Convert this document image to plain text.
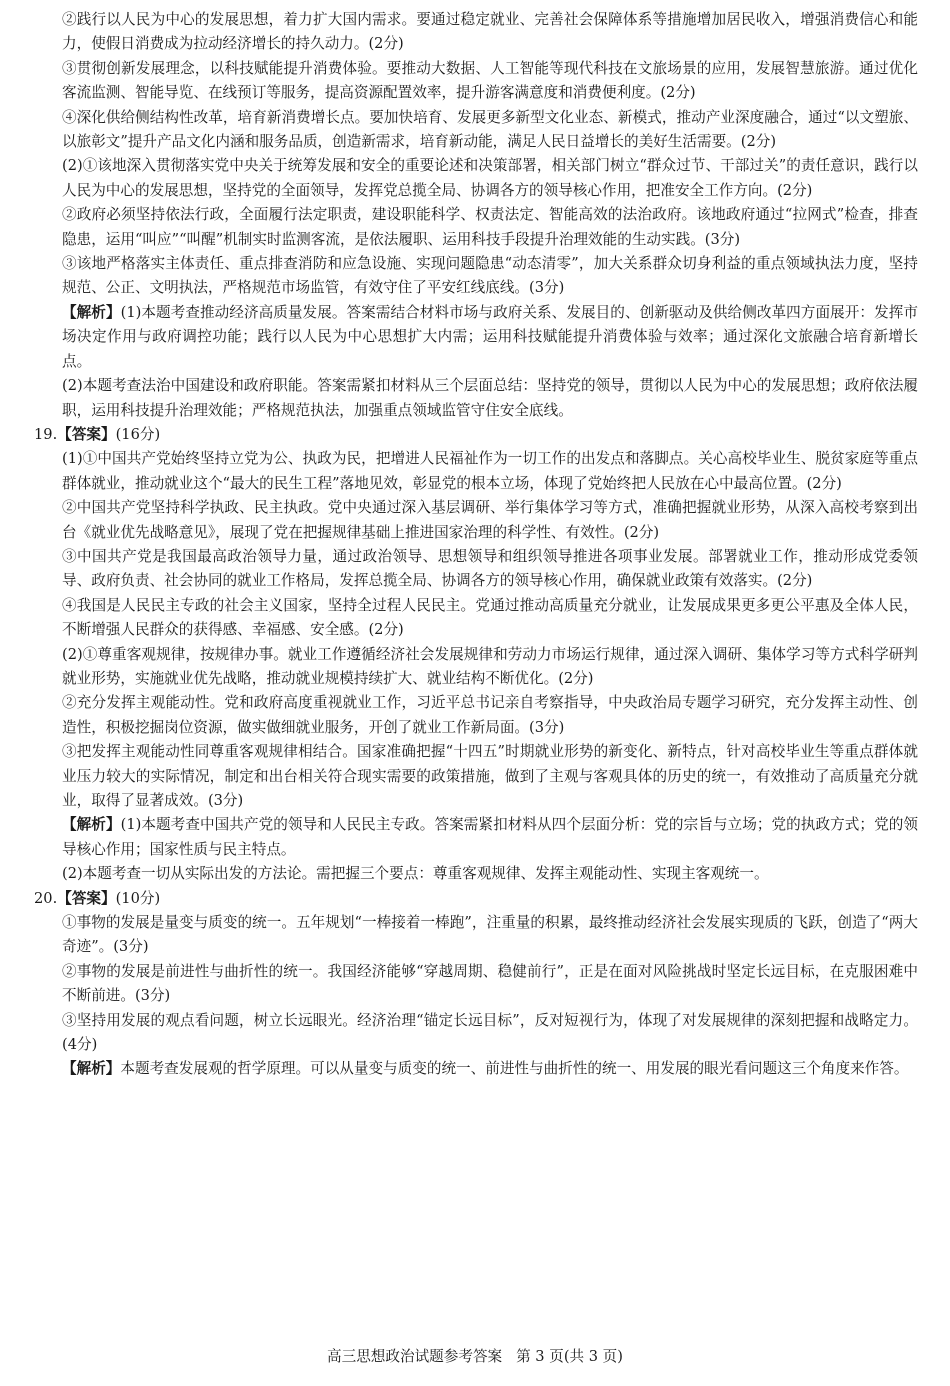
②践行以人民为中心的发展思想，着力扩大国内需求。要通过稳定就业、完善社会保障体系等措施增加居民收入，增强消费信心和能力，使假日消费成为拉动经济增长的持久动力。(2分)

③贯彻创新发展理念，以科技赋能提升消费体验。要推动大数据、人工智能等现代科技在文旅场景的应用，发展智慧旅游。通过优化客流监测、智能导览、在线预订等服务，提高资源配置效率，提升游客满意度和消费便利度。(2分)

④深化供给侧结构性改革，培育新消费增长点。要加快培育、发展更多新型文化业态、新模式，推动产业深度融合，通过“以文塑旅、以旅彰文”提升产品文化内涵和服务品质，创造新需求，培育新动能，满足人民日益增长的美好生活需要。(2分)

(2)①该地深入贯彻落实党中央关于统筹发展和安全的重要论述和决策部署，相关部门树立“群众过节、干部过关”的责任意识，践行以人民为中心的发展思想，坚持党的全面领导，发挥党总揽全局、协调各方的领导核心作用，把准安全工作方向。(2分)

②政府必须坚持依法行政，全面履行法定职责，建设职能科学、权责法定、智能高效的法治政府。该地政府通过“拉网式”检查，排查隐患，运用“叫应”“叫醒”机制实时监测客流，是依法履职、运用科技手段提升治理效能的生动实践。(3分)

③该地严格落实主体责任、重点排查消防和应急设施、实现问题隐患“动态清零”，加大关系群众切身利益的重点领域执法力度，坚持规范、公正、文明执法，严格规范市场监管，有效守住了平安红线底线。(3分)

【解析】(1)本题考查推动经济高质量发展。答案需结合材料市场与政府关系、发展目的、创新驱动及供给侧改革四方面展开：发挥市场决定作用与政府调控功能；践行以人民为中心思想扩大内需；运用科技赋能提升消费体验与效率；通过深化文旅融合培育新增长点。

(2)本题考查法治中国建设和政府职能。答案需紧扣材料从三个层面总结：坚持党的领导，贯彻以人民为中心的发展思想；政府依法履职，运用科技提升治理效能；严格规范执法，加强重点领域监管守住安全底线。

19.【答案】(16分)

(1)①中国共产党始终坚持立党为公、执政为民，把增进人民福祉作为一切工作的出发点和落脚点。关心高校毕业生、脱贫家庭等重点群体就业，推动就业这个“最大的民生工程”落地见效，彰显党的根本立场，体现了党始终把人民放在心中最高位置。(2分)

②中国共产党坚持科学执政、民主执政。党中央通过深入基层调研、举行集体学习等方式，准确把握就业形势，从深入高校考察到出台《就业优先战略意见》，展现了党在把握规律基础上推进国家治理的科学性、有效性。(2分)

③中国共产党是我国最高政治领导力量，通过政治领导、思想领导和组织领导推进各项事业发展。部署就业工作，推动形成党委领导、政府负责、社会协同的就业工作格局，发挥总揽全局、协调各方的领导核心作用，确保就业政策有效落实。(2分)

④我国是人民民主专政的社会主义国家，坚持全过程人民民主。党通过推动高质量充分就业，让发展成果更多更公平惠及全体人民，不断增强人民群众的获得感、幸福感、安全感。(2分)

(2)①尊重客观规律，按规律办事。就业工作遵循经济社会发展规律和劳动力市场运行规律，通过深入调研、集体学习等方式科学研判就业形势，实施就业优先战略，推动就业规模持续扩大、就业结构不断优化。(2分)

②充分发挥主观能动性。党和政府高度重视就业工作，习近平总书记亲自考察指导，中央政治局专题学习研究，充分发挥主动性、创造性，积极挖掘岗位资源，做实做细就业服务，开创了就业工作新局面。(3分)

③把发挥主观能动性同尊重客观规律相结合。国家准确把握“十四五”时期就业形势的新变化、新特点，针对高校毕业生等重点群体就业压力较大的实际情况，制定和出台相关符合现实需要的政策措施，做到了主观与客观具体的历史的统一，有效推动了高质量充分就业，取得了显著成效。(3分)

【解析】(1)本题考查中国共产党的领导和人民民主专政。答案需紧扣材料从四个层面分析：党的宗旨与立场；党的执政方式；党的领导核心作用；国家性质与民主特点。

(2)本题考查一切从实际出发的方法论。需把握三个要点：尊重客观规律、发挥主观能动性、实现主客观统一。

20.【答案】(10分)

①事物的发展是量变与质变的统一。五年规划“一棒接着一棒跑”，注重量的积累，最终推动经济社会发展实现质的飞跃，创造了“两大奇迹”。(3分)

②事物的发展是前进性与曲折性的统一。我国经济能够“穿越周期、稳健前行”，正是在面对风险挑战时坚定长远目标，在克服困难中不断前进。(3分)

③坚持用发展的观点看问题，树立长远眼光。经济治理“锚定长远目标”，反对短视行为，体现了对发展规律的深刻把握和战略定力。(4分)

【解析】本题考查发展观的哲学原理。可以从量变与质变的统一、前进性与曲折性的统一、用发展的眼光看问题这三个角度来作答。

高三思想政治试题参考答案 第 3 页(共 3 页)
